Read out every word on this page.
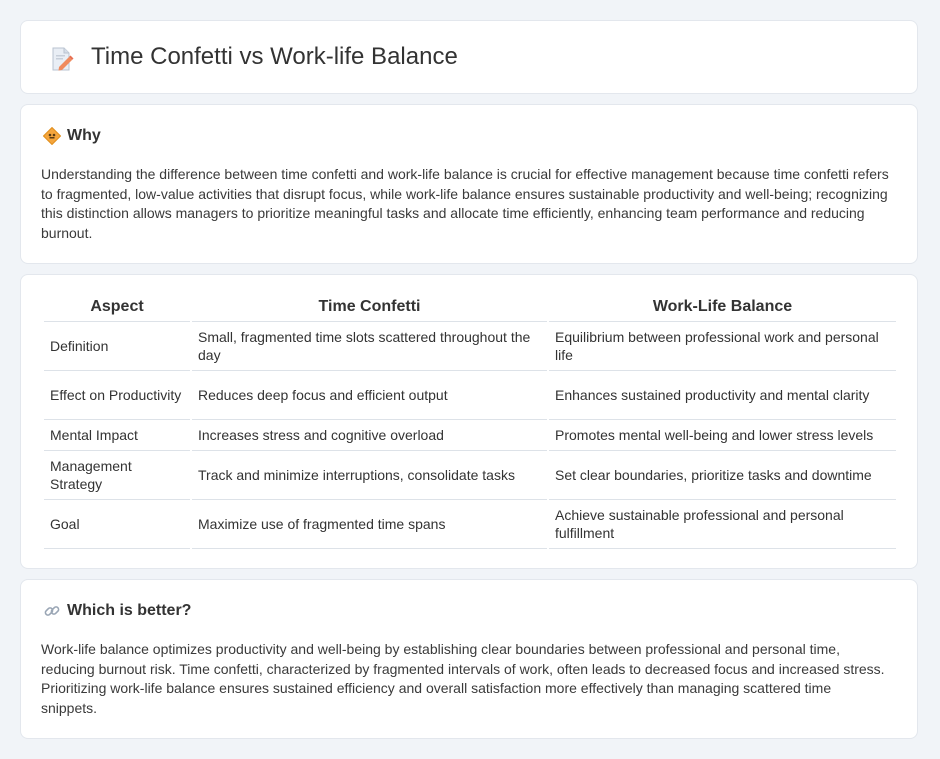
Time Confetti vs Work-life Balance
Why

Understanding the difference between time confetti and work-life balance is crucial for effective management because time confetti refers to fragmented, low-value activities that disrupt focus, while work-life balance ensures sustainable productivity and well-being; recognizing this distinction allows managers to prioritize meaningful tasks and allocate time efficiently, enhancing team performance and reducing burnout.

Aspect	Time Confetti	Work-Life Balance
Definition	Small, fragmented time slots scattered throughout the day	Equilibrium between professional work and personal life
Effect on Productivity	Reduces deep focus and efficient output	Enhances sustained productivity and mental clarity
Mental Impact	Increases stress and cognitive overload	Promotes mental well-being and lower stress levels
Management Strategy	Track and minimize interruptions, consolidate tasks	Set clear boundaries, prioritize tasks and downtime
Goal	Maximize use of fragmented time spans	Achieve sustainable professional and personal fulfillment
Which is better?

Work-life balance optimizes productivity and well-being by establishing clear boundaries between professional and personal time, reducing burnout risk. Time confetti, characterized by fragmented intervals of work, often leads to decreased focus and increased stress. Prioritizing work-life balance ensures sustained efficiency and overall satisfaction more effectively than managing scattered time snippets.
